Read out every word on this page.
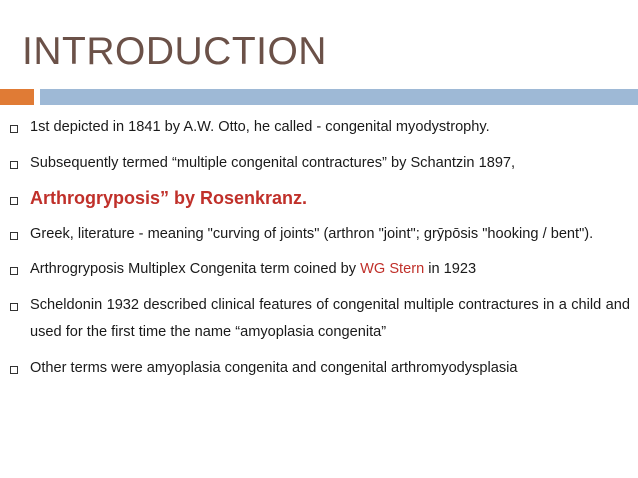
INTRODUCTION
1st depicted in 1841 by A.W. Otto, he called - congenital myodystrophy.
Subsequently termed “multiple congenital contractures” by Schantzin 1897,
Arthrogryposis” by Rosenkranz.
Greek, literature - meaning "curving of joints" (arthron "joint"; grȳpōsis "hooking / bent").
Arthrogryposis Multiplex Congenita term coined by WG Stern in 1923
Scheldonin 1932 described clinical features of congenital multiple contractures in a child and used for the first time the name “amyoplasia congenita”
Other terms were amyoplasia congenita and congenital arthromyodysplasia
